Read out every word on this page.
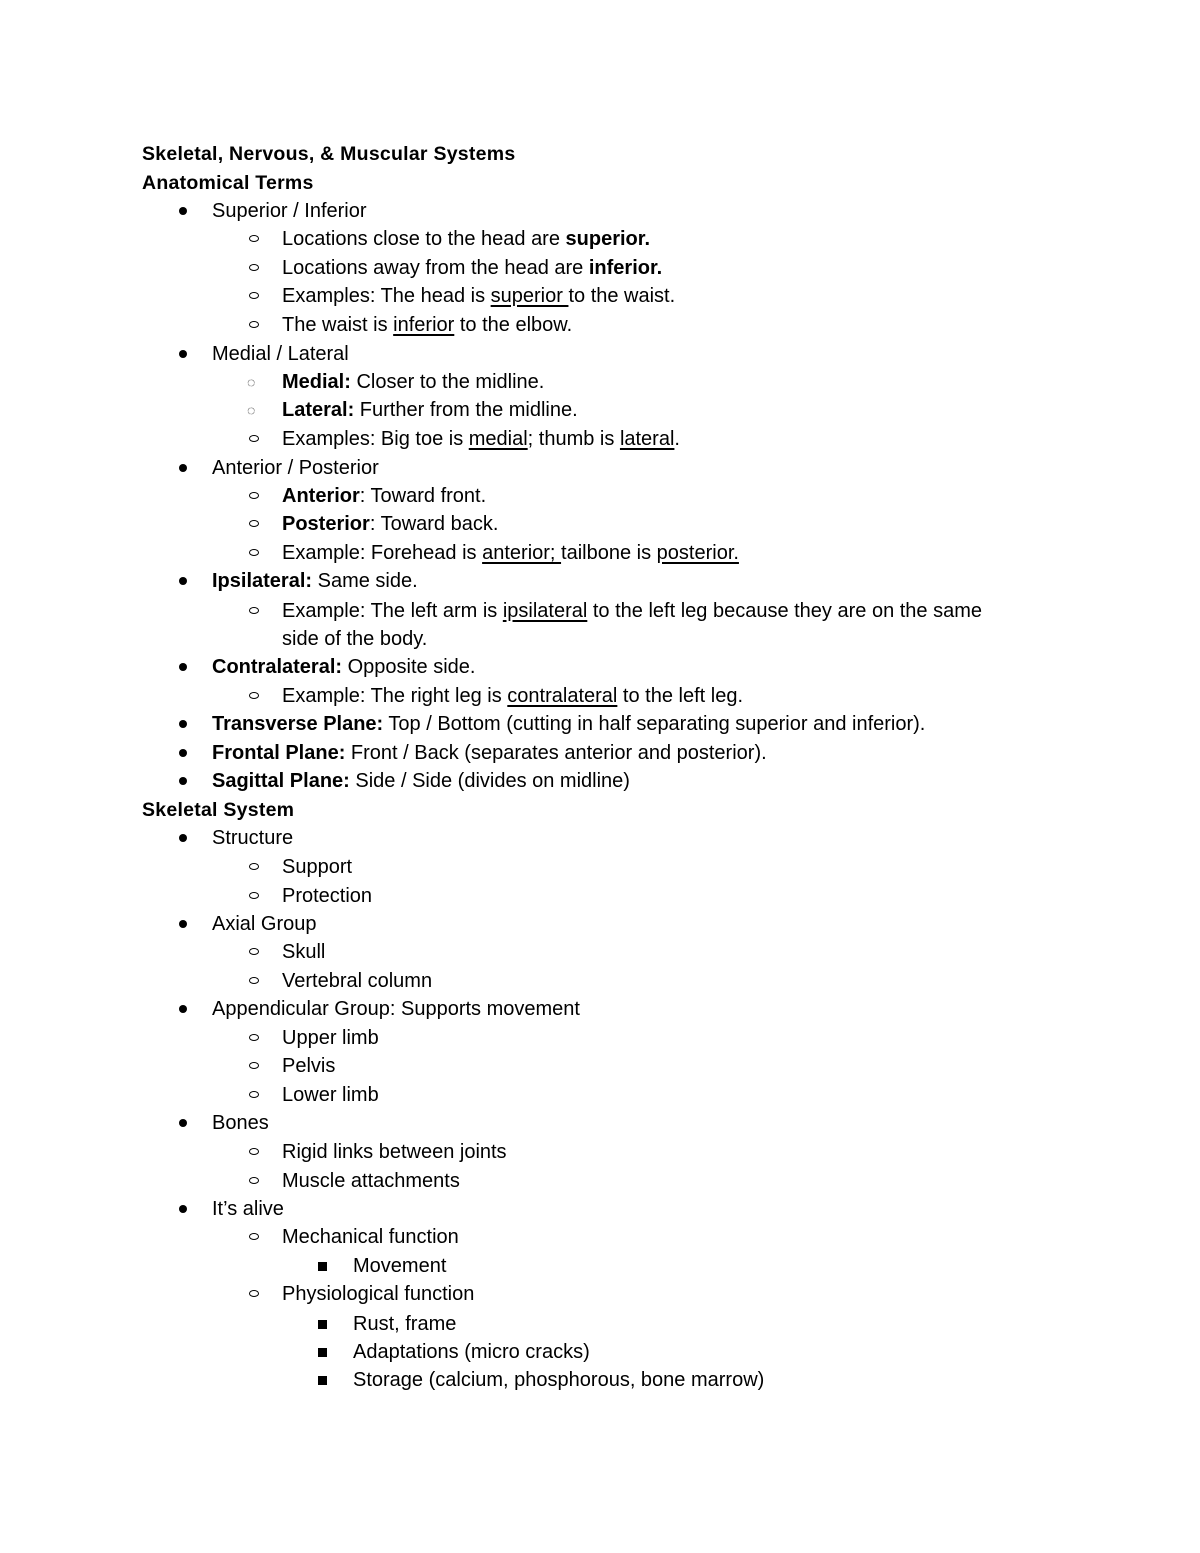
Skeletal, Nervous, & Muscular Systems
Anatomical Terms
Superior / Inferior
Locations close to the head are superior.
Locations away from the head are inferior.
Examples: The head is superior to the waist.
The waist is inferior to the elbow.
Medial / Lateral
◌ Medial: Closer to the midline.
◌ Lateral: Further from the midline.
Examples: Big toe is medial; thumb is lateral.
Anterior / Posterior
Anterior: Toward front.
Posterior: Toward back.
Example: Forehead is anterior; tailbone is posterior.
Ipsilateral: Same side.
Example: The left arm is ipsilateral to the left leg because they are on the same
side of the body.
Contralateral: Opposite side.
Example: The right leg is contralateral to the left leg.
Transverse Plane: Top / Bottom (cutting in half separating superior and inferior).
Frontal Plane: Front / Back (separates anterior and posterior).
Sagittal Plane: Side / Side (divides on midline)
Skeletal System
Structure
Support
Protection
Axial Group
Skull
Vertebral column
Appendicular Group: Supports movement
Upper limb
Pelvis
Lower limb
Bones
Rigid links between joints
Muscle attachments
It’s alive
Mechanical function
Movement
Physiological function
Rust, frame
Adaptations (micro cracks)
Storage (calcium, phosphorous, bone marrow)
